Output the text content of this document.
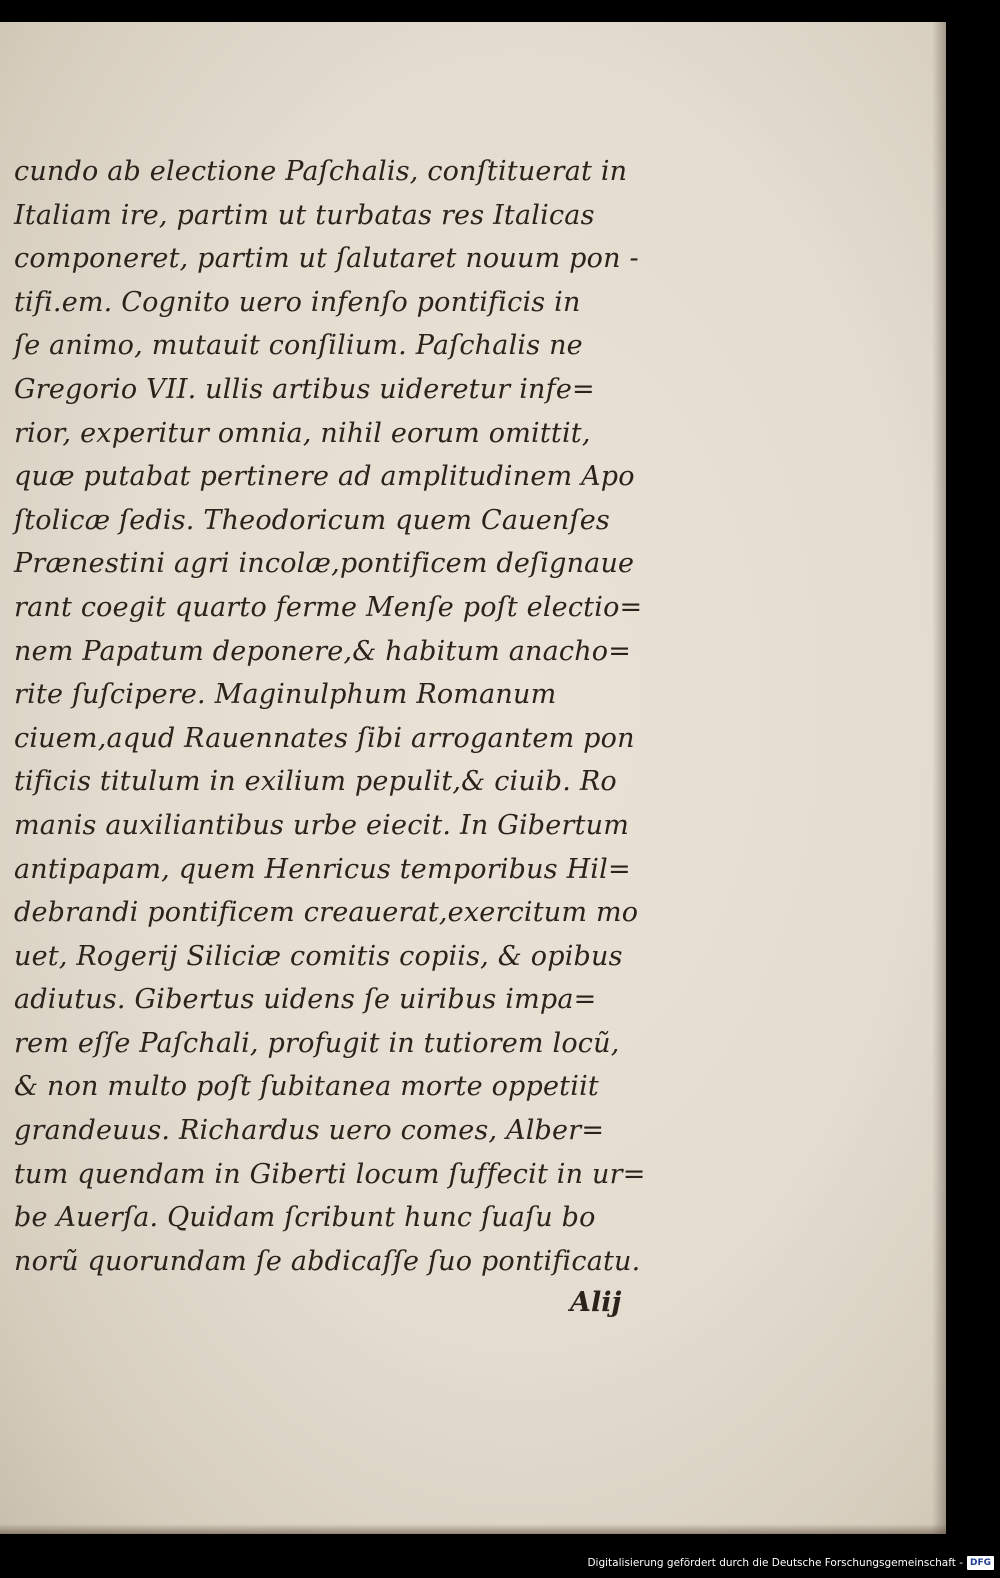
cundo ab electione Paſchalis, conſtituerat in
Italiam ire, partim ut turbatas res Italicas
componeret, partim ut ſalutaret nouum pon -
tifi.em. Cognito uero infenſo pontificis in
ſe animo, mutauit conſilium. Paſchalis ne
Gregorio VII. ullis artibus uideretur infe=
rior, experitur omnia, nihil eorum omittit,
quæ putabat pertinere ad amplitudinem Apo
ſtolicæ ſedis. Theodoricum quem Cauenſes
Prænestini agri incolæ,pontificem deſignaue
rant coegit quarto ferme Menſe poſt electio=
nem Papatum deponere,& habitum anacho=
rite ſuſcipere. Maginulphum Romanum
ciuem,aqud Rauennates ſibi arrogantem pon
tificis titulum in exilium pepulit,& ciuib. Ro
manis auxiliantibus urbe eiecit. In Gibertum
antipapam, quem Henricus temporibus Hil=
debrandi pontificem creauerat,exercitum mo
uet, Rogerij Siliciæ comitis copiis, & opibus
adiutus. Gibertus uidens ſe uiribus impa=
rem eſſe Paſchali, profugit in tutiorem locũ,
& non multo poſt ſubitanea morte oppetiit
grandeuus. Richardus uero comes, Alber=
tum quendam in Giberti locum ſuffecit in ur=
be Auerſa. Quidam ſcribunt hunc ſuaſu bo
norũ quorundam ſe abdicaſſe ſuo pontificatu.
Alij
Digitalisierung gefördert durch die Deutsche Forschungsgemeinschaft - DFG
